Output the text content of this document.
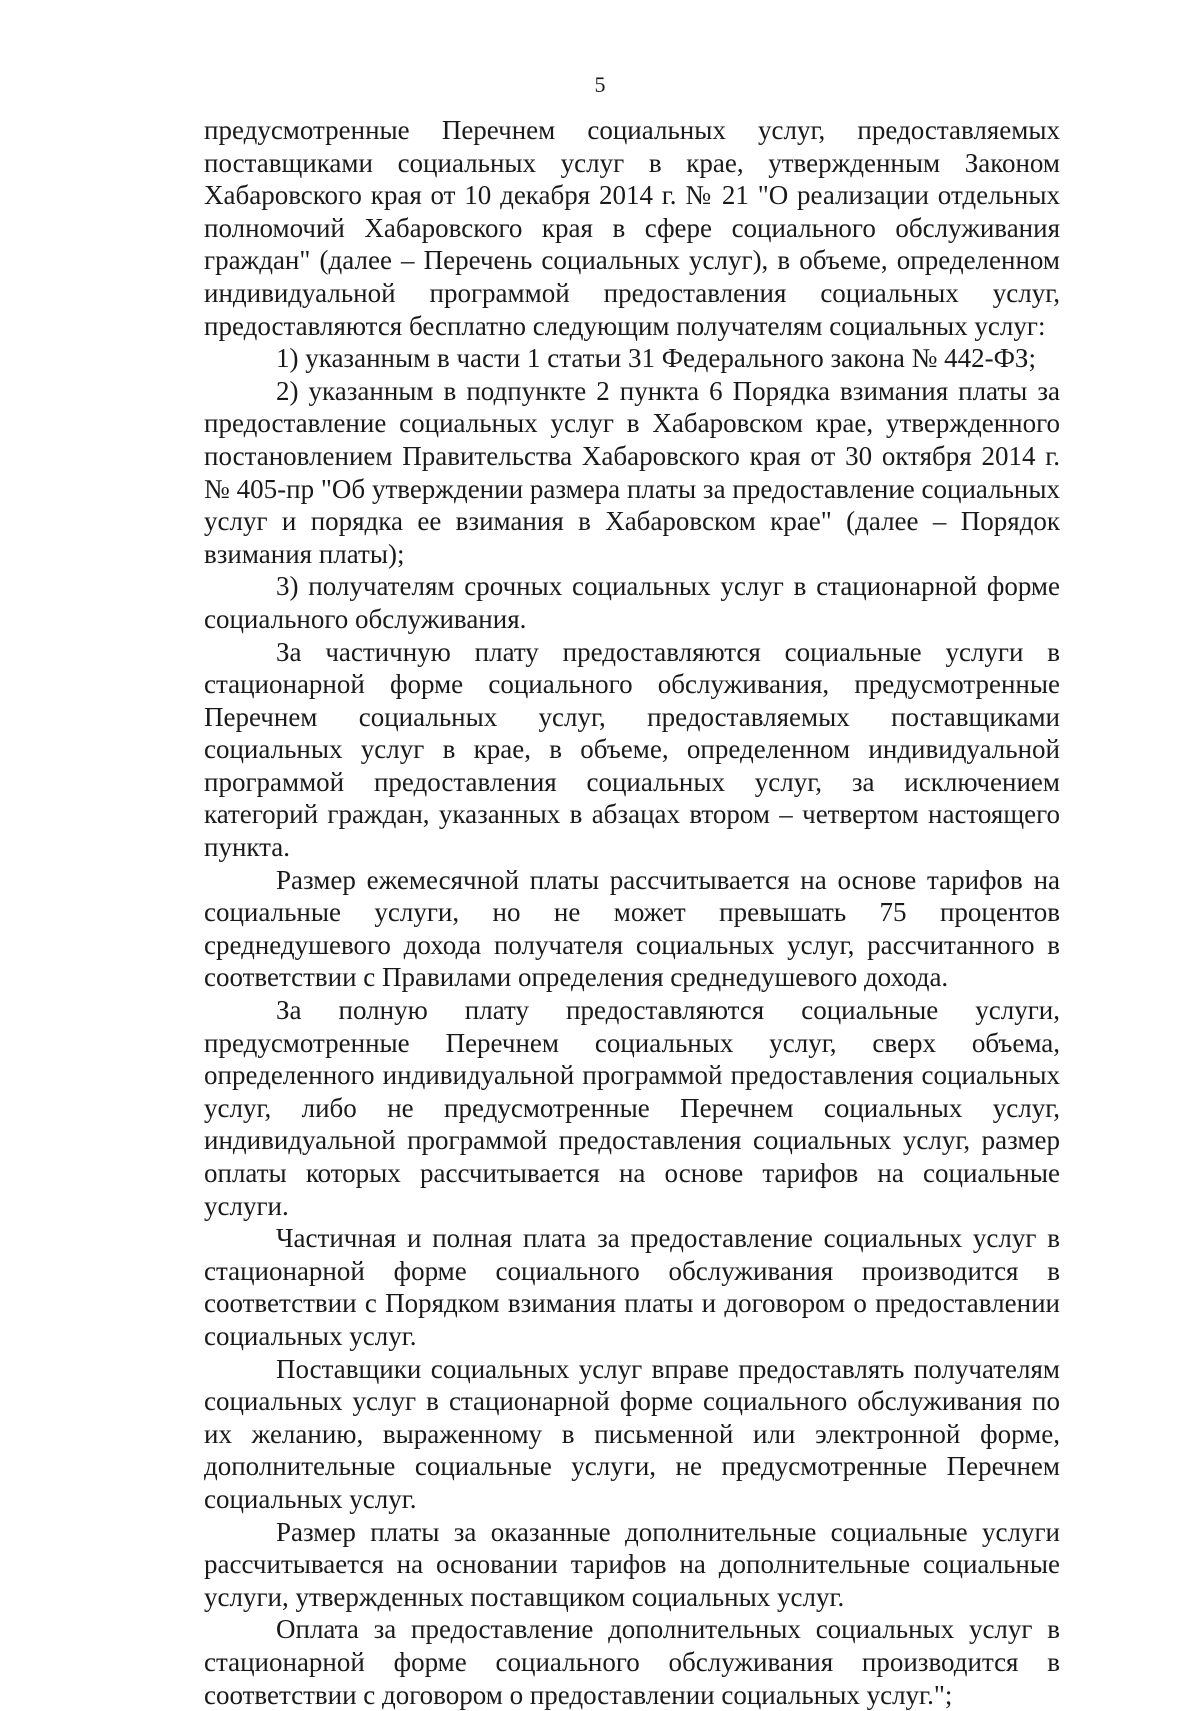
5

предусмотренные Перечнем социальных услуг, предоставляемых поставщиками социальных услуг в крае, утвержденным Законом Хабаровского края от 10 декабря 2014 г. № 21 "О реализации отдельных полномочий Хабаровского края в сфере социального обслуживания граждан" (далее – Перечень социальных услуг), в объеме, определенном индивидуальной программой предоставления социальных услуг, предоставляются бесплатно следующим получателям социальных услуг:

1) указанным в части 1 статьи 31 Федерального закона № 442-ФЗ;

2) указанным в подпункте 2 пункта 6 Порядка взимания платы за предоставление социальных услуг в Хабаровском крае, утвержденного постановлением Правительства Хабаровского края от 30 октября 2014 г. № 405-пр "Об утверждении размера платы за предоставление социальных услуг и порядка ее взимания в Хабаровском крае" (далее – Порядок взимания платы);

3) получателям срочных социальных услуг в стационарной форме социального обслуживания.

За частичную плату предоставляются социальные услуги в стационарной форме социального обслуживания, предусмотренные Перечнем социальных услуг, предоставляемых поставщиками социальных услуг в крае, в объеме, определенном индивидуальной программой предоставления социальных услуг, за исключением категорий граждан, указанных в абзацах втором – четвертом настоящего пункта.

Размер ежемесячной платы рассчитывается на основе тарифов на социальные услуги, но не может превышать 75 процентов среднедушевого дохода получателя социальных услуг, рассчитанного в соответствии с Правилами определения среднедушевого дохода.

За полную плату предоставляются социальные услуги, предусмотренные Перечнем социальных услуг, сверх объема, определенного индивидуальной программой предоставления социальных услуг, либо не предусмотренные Перечнем социальных услуг, индивидуальной программой предоставления социальных услуг, размер оплаты которых рассчитывается на основе тарифов на социальные услуги.

Частичная и полная плата за предоставление социальных услуг в стационарной форме социального обслуживания производится в соответствии с Порядком взимания платы и договором о предоставлении социальных услуг.

Поставщики социальных услуг вправе предоставлять получателям социальных услуг в стационарной форме социального обслуживания по их желанию, выраженному в письменной или электронной форме, дополнительные социальные услуги, не предусмотренные Перечнем социальных услуг.

Размер платы за оказанные дополнительные социальные услуги рассчитывается на основании тарифов на дополнительные социальные услуги, утвержденных поставщиком социальных услуг.

Оплата за предоставление дополнительных социальных услуг в стационарной форме социального обслуживания производится в соответствии с договором о предоставлении социальных услуг.";
